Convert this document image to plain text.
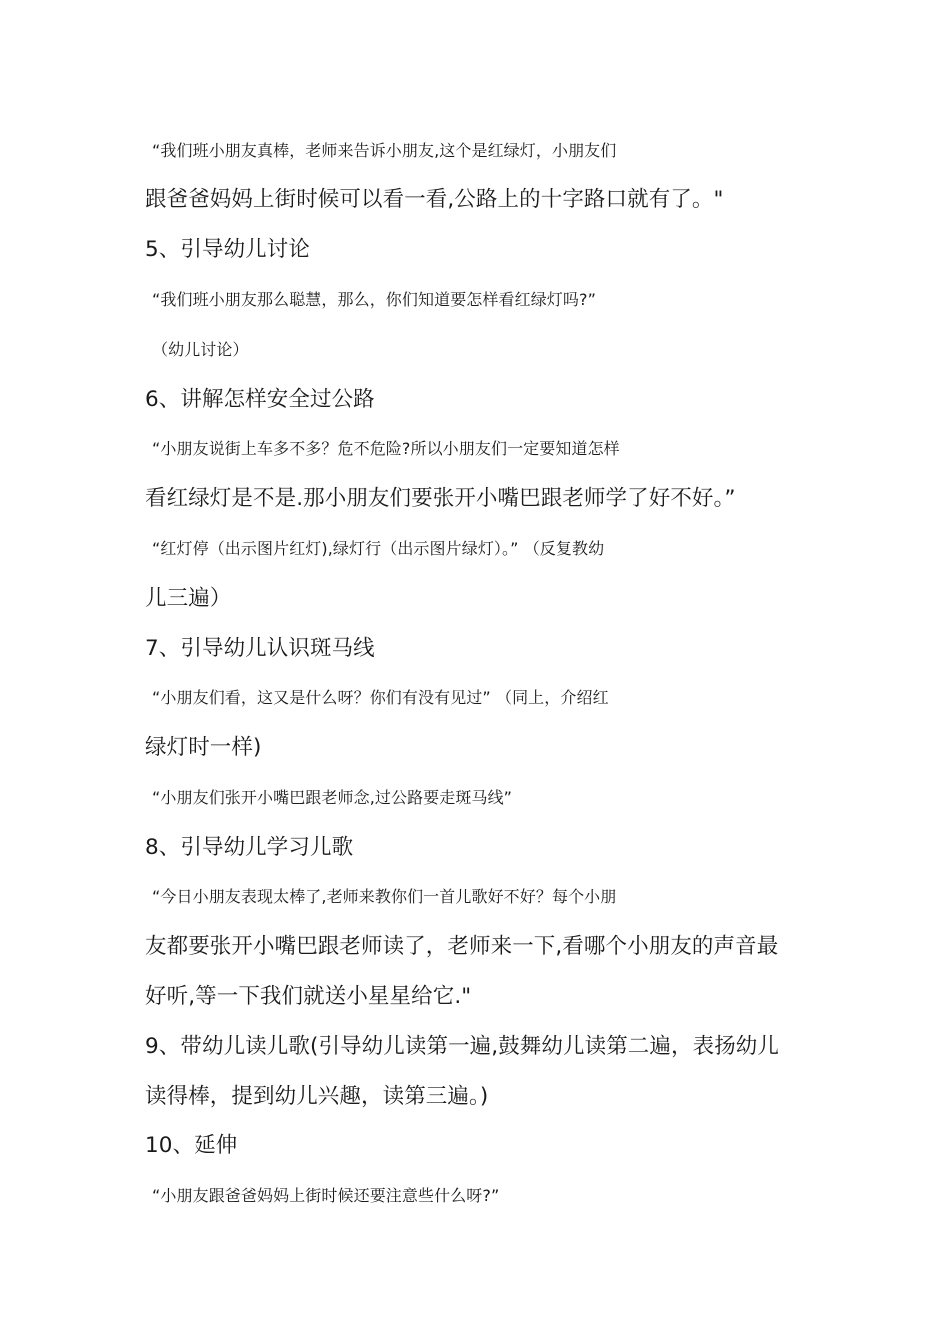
“我们班小朋友真棒，老师来告诉小朋友,这个是红绿灯，小朋友们
跟爸爸妈妈上街时候可以看一看,公路上的十字路口就有了。"
5、引导幼儿讨论
“我们班小朋友那么聪慧，那么，你们知道要怎样看红绿灯吗?”
（幼儿讨论）
6、讲解怎样安全过公路
“小朋友说街上车多不多？危不危险?所以小朋友们一定要知道怎样
看红绿灯是不是.那小朋友们要张开小嘴巴跟老师学了好不好。”
“红灯停（出示图片红灯),绿灯行（出示图片绿灯）。” （反复教幼
儿三遍）
7、引导幼儿认识斑马线
“小朋友们看，这又是什么呀？你们有没有见过” （同上，介绍红
绿灯时一样)
“小朋友们张开小嘴巴跟老师念,过公路要走斑马线”
8、引导幼儿学习儿歌
“今日小朋友表现太棒了,老师来教你们一首儿歌好不好？每个小朋
友都要张开小嘴巴跟老师读了，老师来一下,看哪个小朋友的声音最
好听,等一下我们就送小星星给它."
9、带幼儿读儿歌(引导幼儿读第一遍,鼓舞幼儿读第二遍，表扬幼儿
读得棒，提到幼儿兴趣，读第三遍。)
10、延伸
“小朋友跟爸爸妈妈上街时候还要注意些什么呀?”
